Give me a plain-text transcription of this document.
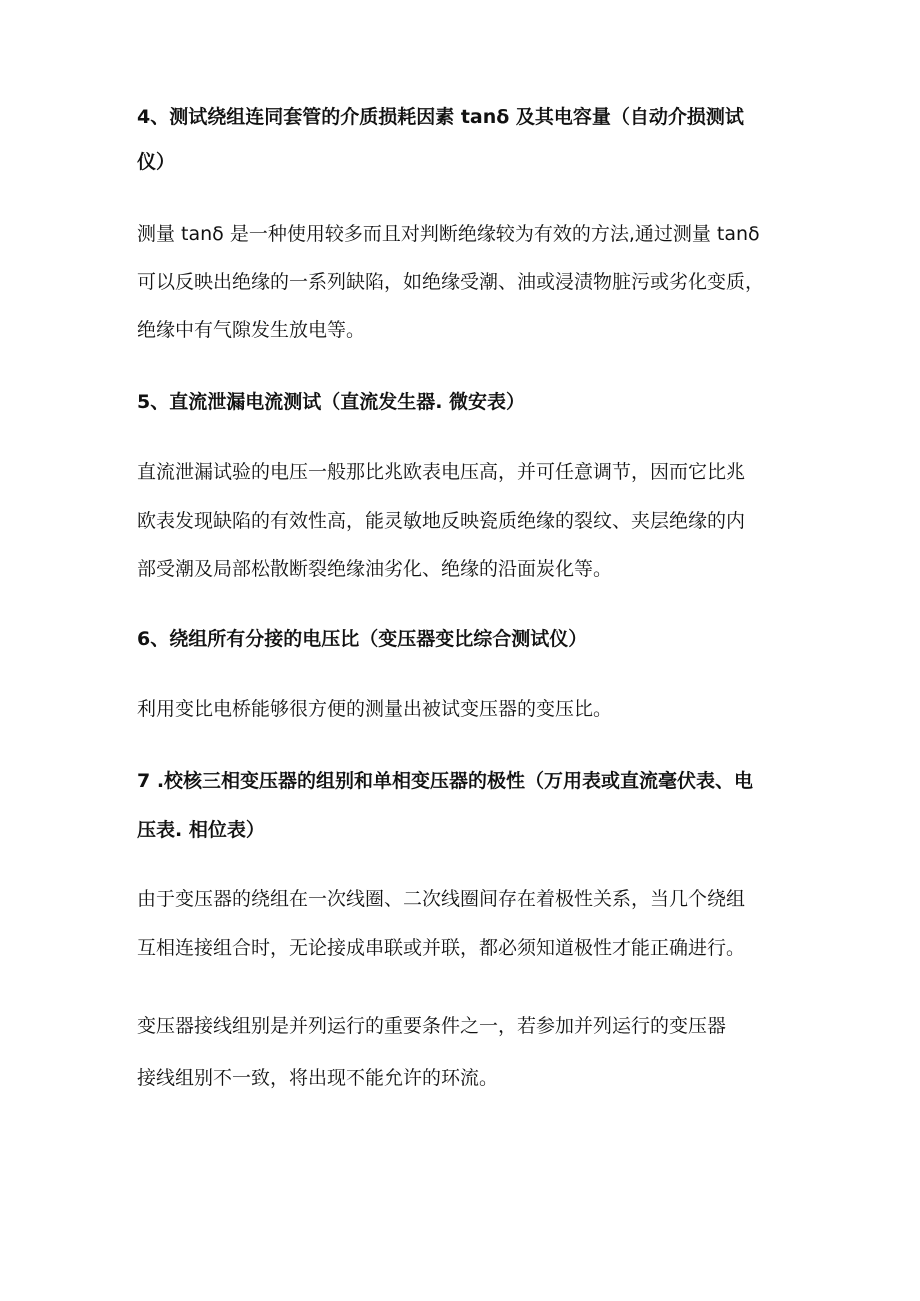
4、测试绕组连同套管的介质损耗因素 tanδ 及其电容量（自动介损测试
仪）
测量 tanδ 是一种使用较多而且对判断绝缘较为有效的方法,通过测量 tanδ
可以反映出绝缘的一系列缺陷，如绝缘受潮、油或浸渍物脏污或劣化变质，
绝缘中有气隙发生放电等。
5、直流泄漏电流测试（直流发生器. 微安表）
直流泄漏试验的电压一般那比兆欧表电压高，并可任意调节，因而它比兆
欧表发现缺陷的有效性高，能灵敏地反映瓷质绝缘的裂纹、夹层绝缘的内
部受潮及局部松散断裂绝缘油劣化、绝缘的沿面炭化等。
6、绕组所有分接的电压比（变压器变比综合测试仪）
利用变比电桥能够很方便的测量出被试变压器的变压比。
7 .校核三相变压器的组别和单相变压器的极性（万用表或直流毫伏表、电
压表. 相位表）
由于变压器的绕组在一次线圈、二次线圈间存在着极性关系，当几个绕组
互相连接组合时，无论接成串联或并联，都必须知道极性才能正确进行。
变压器接线组别是并列运行的重要条件之一，若参加并列运行的变压器
接线组别不一致，将出现不能允许的环流。
